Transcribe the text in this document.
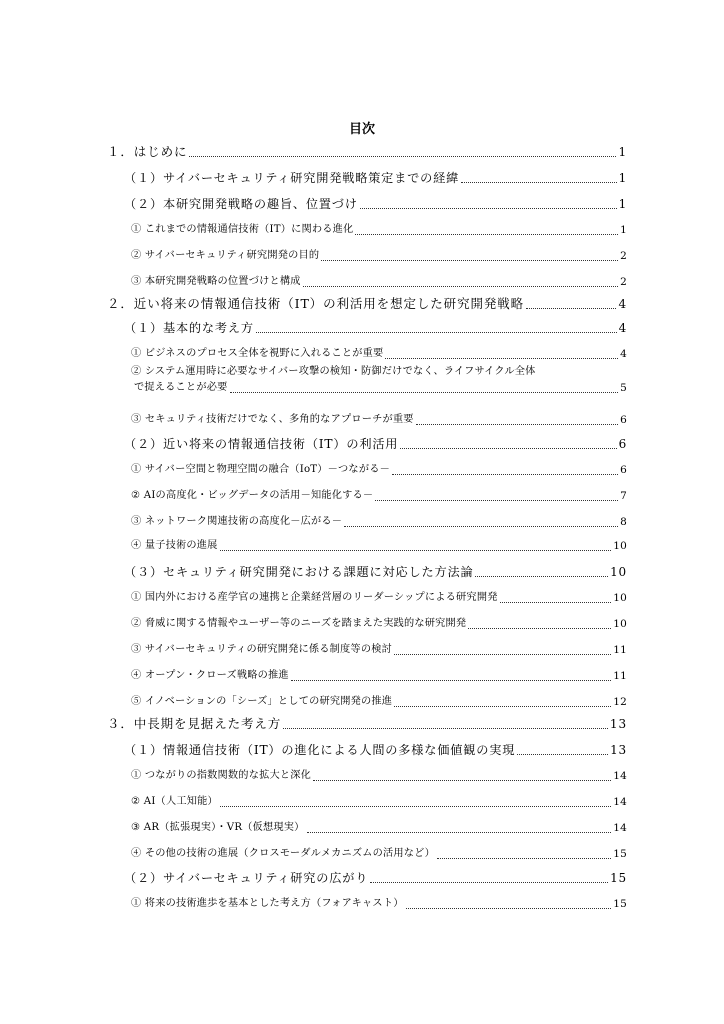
目次
１．はじめに	1
（１）サイバーセキュリティ研究開発戦略策定までの経緯	1
（２）本研究開発戦略の趣旨、位置づけ	1
① これまでの情報通信技術（IT）に関わる進化	1
② サイバーセキュリティ研究開発の目的	2
③ 本研究開発戦略の位置づけと構成	2
２．近い将来の情報通信技術（IT）の利活用を想定した研究開発戦略	4
（１）基本的な考え方	4
① ビジネスのプロセス全体を視野に入れることが重要	4
② システム運用時に必要なサイバー攻撃の検知・防御だけでなく、ライフサイクル全体
で捉えることが必要	5
③ セキュリティ技術だけでなく、多角的なアプローチが重要	6
（２）近い将来の情報通信技術（IT）の利活用	6
① サイバー空間と物理空間の融合（IoT）－つながる－	6
② AIの高度化・ビッグデータの活用－知能化する－	7
③ ネットワーク関連技術の高度化－広がる－	8
④ 量子技術の進展	10
（３）セキュリティ研究開発における課題に対応した方法論	10
① 国内外における産学官の連携と企業経営層のリーダーシップによる研究開発	10
② 脅威に関する情報やユーザー等のニーズを踏まえた実践的な研究開発	10
③ サイバーセキュリティの研究開発に係る制度等の検討	11
④ オープン・クローズ戦略の推進	11
⑤ イノベーションの「シーズ」としての研究開発の推進	12
３．中長期を見据えた考え方	13
（１）情報通信技術（IT）の進化による人間の多様な価値観の実現	13
① つながりの指数関数的な拡大と深化	14
② AI（人工知能）	14
③ AR（拡張現実）・VR（仮想現実）	14
④ その他の技術の進展（クロスモーダルメカニズムの活用など）	15
（２）サイバーセキュリティ研究の広がり	15
① 将来の技術進歩を基本とした考え方（フォアキャスト）	15
